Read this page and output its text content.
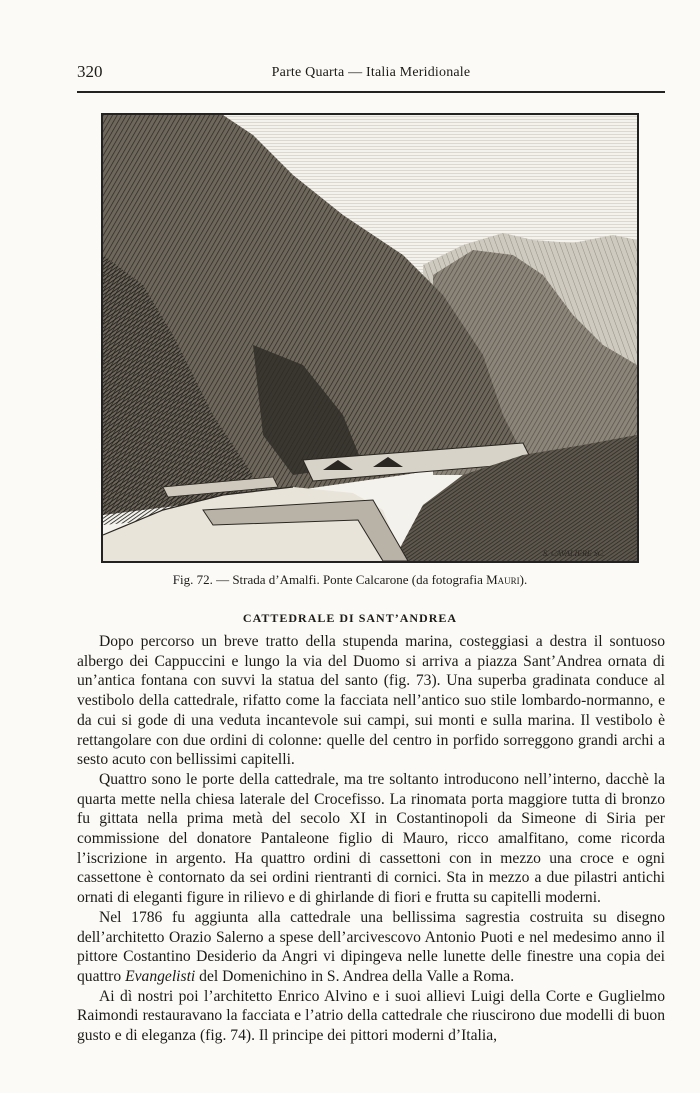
320	Parte Quarta — Italia Meridionale
S. CAVALIERE SC.
Fig. 72. — Strada d’Amalfi. Ponte Calcarone (da fotografia Mauri).
CATTEDRALE DI SANT’ANDREA

Dopo percorso un breve tratto della stupenda marina, costeggiasi a destra il sontuoso albergo dei Cappuccini e lungo la via del Duomo si arriva a piazza Sant’Andrea ornata di un’antica fontana con suvvi la statua del santo (fig. 73). Una superba gradinata conduce al vestibolo della cattedrale, rifatto come la facciata nell’antico suo stile lombardo-normanno, e da cui si gode di una veduta incantevole sui campi, sui monti e sulla marina. Il vestibolo è rettangolare con due ordini di colonne: quelle del centro in porfido sorreggono grandi archi a sesto acuto con bellissimi capitelli.

Quattro sono le porte della cattedrale, ma tre soltanto introducono nell’interno, dacchè la quarta mette nella chiesa laterale del Crocefisso. La rinomata porta maggiore tutta di bronzo fu gittata nella prima metà del secolo XI in Costantinopoli da Simeone di Siria per commissione del donatore Pantaleone figlio di Mauro, ricco amalfitano, come ricorda l’iscrizione in argento. Ha quattro ordini di cassettoni con in mezzo una croce e ogni cassettone è contornato da sei ordini rientranti di cornici. Sta in mezzo a due pilastri antichi ornati di eleganti figure in rilievo e di ghirlande di fiori e frutta su capitelli moderni.

Nel 1786 fu aggiunta alla cattedrale una bellissima sagrestia costruita su disegno dell’architetto Orazio Salerno a spese dell’arcivescovo Antonio Puoti e nel medesimo anno il pittore Costantino Desiderio da Angri vi dipingeva nelle lunette delle finestre una copia dei quattro Evangelisti del Domenichino in S. Andrea della Valle a Roma.

Ai dì nostri poi l’architetto Enrico Alvino e i suoi allievi Luigi della Corte e Guglielmo Raimondi restauravano la facciata e l’atrio della cattedrale che riuscirono due modelli di buon gusto e di eleganza (fig. 74). Il principe dei pittori moderni d’Italia,
